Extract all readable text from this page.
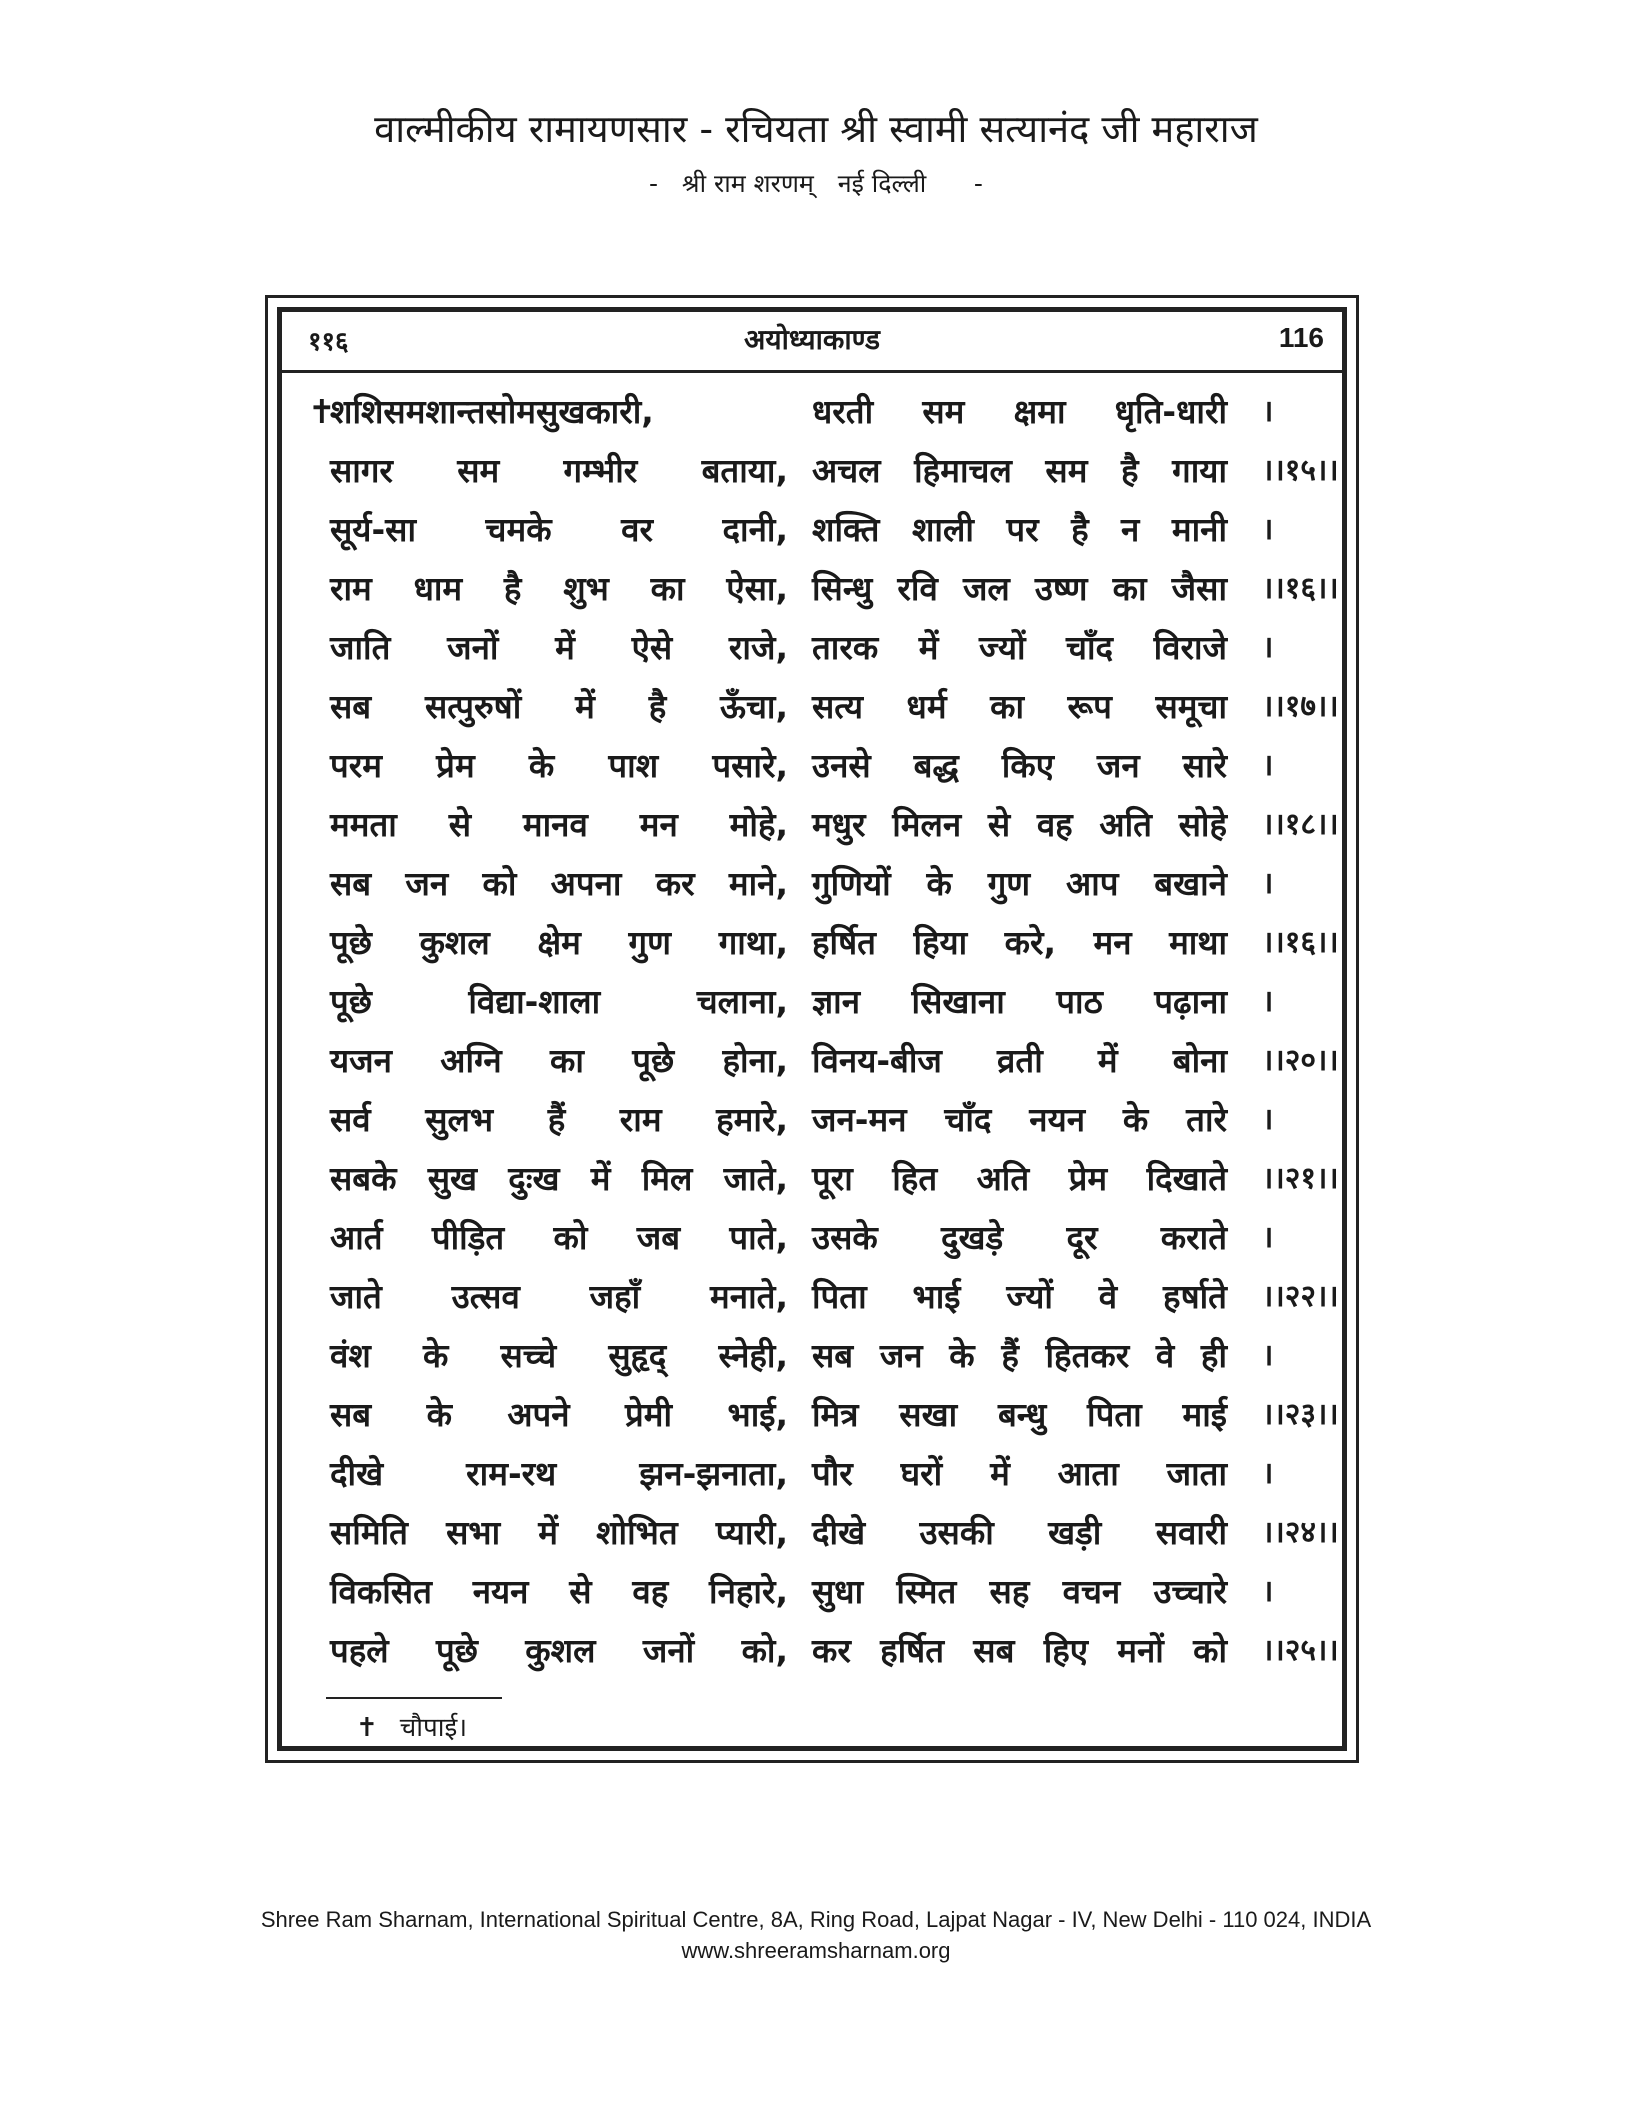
वाल्मीकीय रामायणसार - रचियता श्री स्वामी सत्यानंद जी महाराज
-   श्री राम शरणम्   नई दिल्ली      -
११६	अयोध्याकाण्ड	116
✝
शशिसमशान्तसोमसुखकारी,	धरती सम क्षमा धृति-धारी ।
सागर सम गम्भीर बताया, अचल हिमाचल सम है गाया ।।१५।।
सूर्य-सा चमके वर दानी, शक्ति शाली पर है न मानी ।
राम धाम है शुभ का ऐसा, सिन्धु रवि जल उष्ण का जैसा ।।१६।।
जाति जनों में ऐसे राजे, तारक में ज्यों चाँद विराजे ।
सब सत्पुरुषों में है ऊँचा, सत्य धर्म का रूप समूचा ।।१७।।
परम प्रेम के पाश पसारे, उनसे बद्ध किए जन सारे ।
ममता से मानव मन मोहे, मधुर मिलन से वह अति सोहे ।।१८।।
सब जन को अपना कर माने, गुणियों के गुण आप बखाने ।
पूछे कुशल क्षेम गुण गाथा, हर्षित हिया करे, मन माथा ।।१६।।
पूछे विद्या-शाला चलाना, ज्ञान सिखाना पाठ पढ़ाना ।
यजन अग्नि का पूछे होना, विनय-बीज व्रती में बोना ।।२०।।
सर्व सुलभ हैं राम हमारे, जन-मन चाँद नयन के तारे ।
सबके सुख दुःख में मिल जाते, पूरा हित अति प्रेम दिखाते ।।२१।।
आर्त पीड़ित को जब पाते, उसके दुखड़े दूर कराते ।
जाते उत्सव जहाँ मनाते, पिता भाई ज्यों वे हर्षाते ।।२२।।
वंश के सच्चे सुहृद् स्नेही, सब जन के हैं हितकर वे ही ।
सब के अपने प्रेमी भाई, मित्र सखा बन्धु पिता माई ।।२३।।
दीखे राम-रथ झन-झनाता, पौर घरों में आता जाता ।
समिति सभा में शोभित प्यारी, दीखे उसकी खड़ी सवारी ।।२४।।
विकसित नयन से वह निहारे, सुधा स्मित सह वचन उच्चारे ।
पहले पूछे कुशल जनों को, कर हर्षित सब हिए मनों को ।।२५।।
✝ चौपाई।
Shree Ram Sharnam, International Spiritual Centre, 8A, Ring Road, Lajpat Nagar - IV, New Delhi - 110 024, INDIA
www.shreeramsharnam.org
